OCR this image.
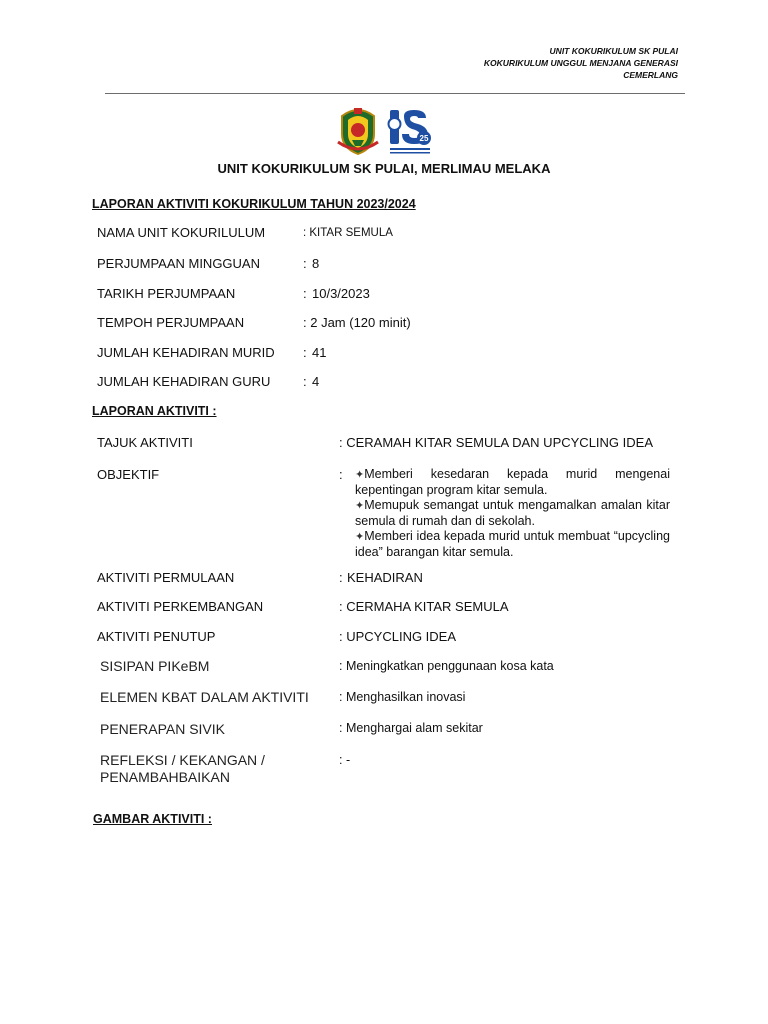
UNIT KOKURIKULUM SK PULAI
KOKURIKULUM UNGGUL MENJANA GENERASI
CEMERLANG
25
UNIT KOKURIKULUM SK PULAI, MERLIMAU MELAKA
LAPORAN AKTIVITI KOKURIKULUM TAHUN 2023/2024
NAMA UNIT KOKURILULUM	: KITAR SEMULA
PERJUMPAAN MINGGUAN	: 8
TARIKH PERJUMPAAN	: 10/3/2023
TEMPOH PERJUMPAAN	: 2 Jam (120 minit)
JUMLAH KEHADIRAN MURID : 41
JUMLAH KEHADIRAN GURU	: 4
LAPORAN AKTIVITI :
TAJUK AKTIVITI	: CERAMAH KITAR SEMULA DAN UPCYCLING IDEA
OBJEKTIF	: ✦Memberi kesedaran kepada murid mengenai kepentingan program kitar semula.
✦Memupuk semangat untuk mengamalkan amalan kitar semula di rumah dan di sekolah.
✦Memberi idea kepada murid untuk membuat “upcycling idea” barangan kitar semula.
AKTIVITI PERMULAAN	: KEHADIRAN
AKTIVITI PERKEMBANGAN	: CERMAHA KITAR SEMULA
AKTIVITI PENUTUP	: UPCYCLING IDEA
SISIPAN PIKeBM	: Meningkatkan penggunaan kosa kata
ELEMEN KBAT DALAM AKTIVITI : Menghasilkan inovasi
PENERAPAN SIVIK	: Menghargai alam sekitar
REFLEKSI / KEKANGAN / PENAMBAHBAIKAN
: -
GAMBAR AKTIVITI :
